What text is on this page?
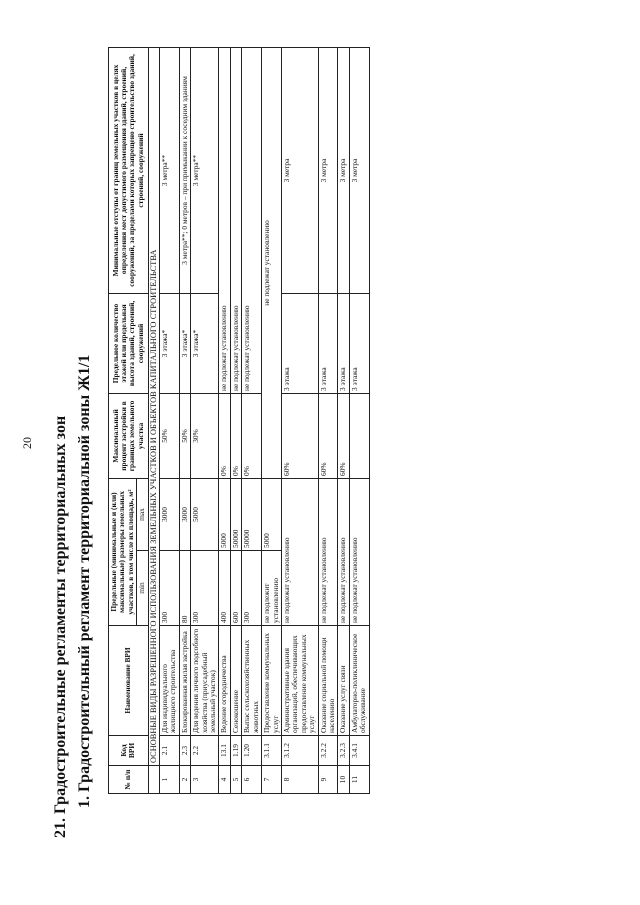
20 21. Градостроительные регламенты территориальных зон 1. Градостроительный регламент территориальной зоны Ж1/1	№ п/п	Код ВРИ	Наименование ВРИ	Предельные (минимальные и (или) максимальные) размеры земельных участков, в том числе их площадь, м²		Максимальный процент застройки в границах земельного участка	Предельное количество этажей или предельная высота зданий, строений, сооружений	Минимальные отступы от границ земельных участков в целях определения мест допустимого размещения зданий, строений, сооружений, за пределами которых запрещено строительство зданий, строений, сооружений
			min	max			
	ОСНОВНЫЕ ВИДЫ РАЗРЕШЕННОГО ИСПОЛЬЗОВАНИЯ ЗЕМЕЛЬНЫХ УЧАСТКОВ И ОБЪЕКТОВ КАПИТАЛЬНОГО СТРОИТЕЛЬСТВА						
1	2.1	Для индивидуального жилищного строительства	300	3000	50%	3 этажа*	3 метра**
2	2.3	Блокированная жилая застройка	80	3000	50%	3 этажа*	3 метра**; 0 метров – при примыкании к соседним зданиям
3	2.2	Для ведения личного подсобного хозяйства (приусадебный земельный участок)	300	5000	30%	3 этажа*	3 метра**
4	13.1	Ведение огородничества	400	5000	0%	не подлежат установлению	
5	1.19	Сенокошение	600	50000	0%	не подлежат установлению	
6	1.20	Выпас сельскохозяйственных животных	300	50000	0%	не подлежат установлению	
7	3.1.1	Предоставление коммунальных услуг	не подлежит установлению	5000	не подлежат установлению		
8	3.1.2	Административные здания организаций, обеспечивающих предоставление коммунальных услуг	не подлежат установлению		60%	3 этажа	3 метра
9	3.2.2	Оказание социальной помощи населению	не подлежат установлению		60%	3 этажа	3 метра
10	3.2.3	Оказание услуг связи	не подлежат установлению		60%	3 этажа	3 метра
11	3.4.1	Амбулаторно-поликлиническое обслуживание	не подлежат установлению			3 этажа	3 метра
